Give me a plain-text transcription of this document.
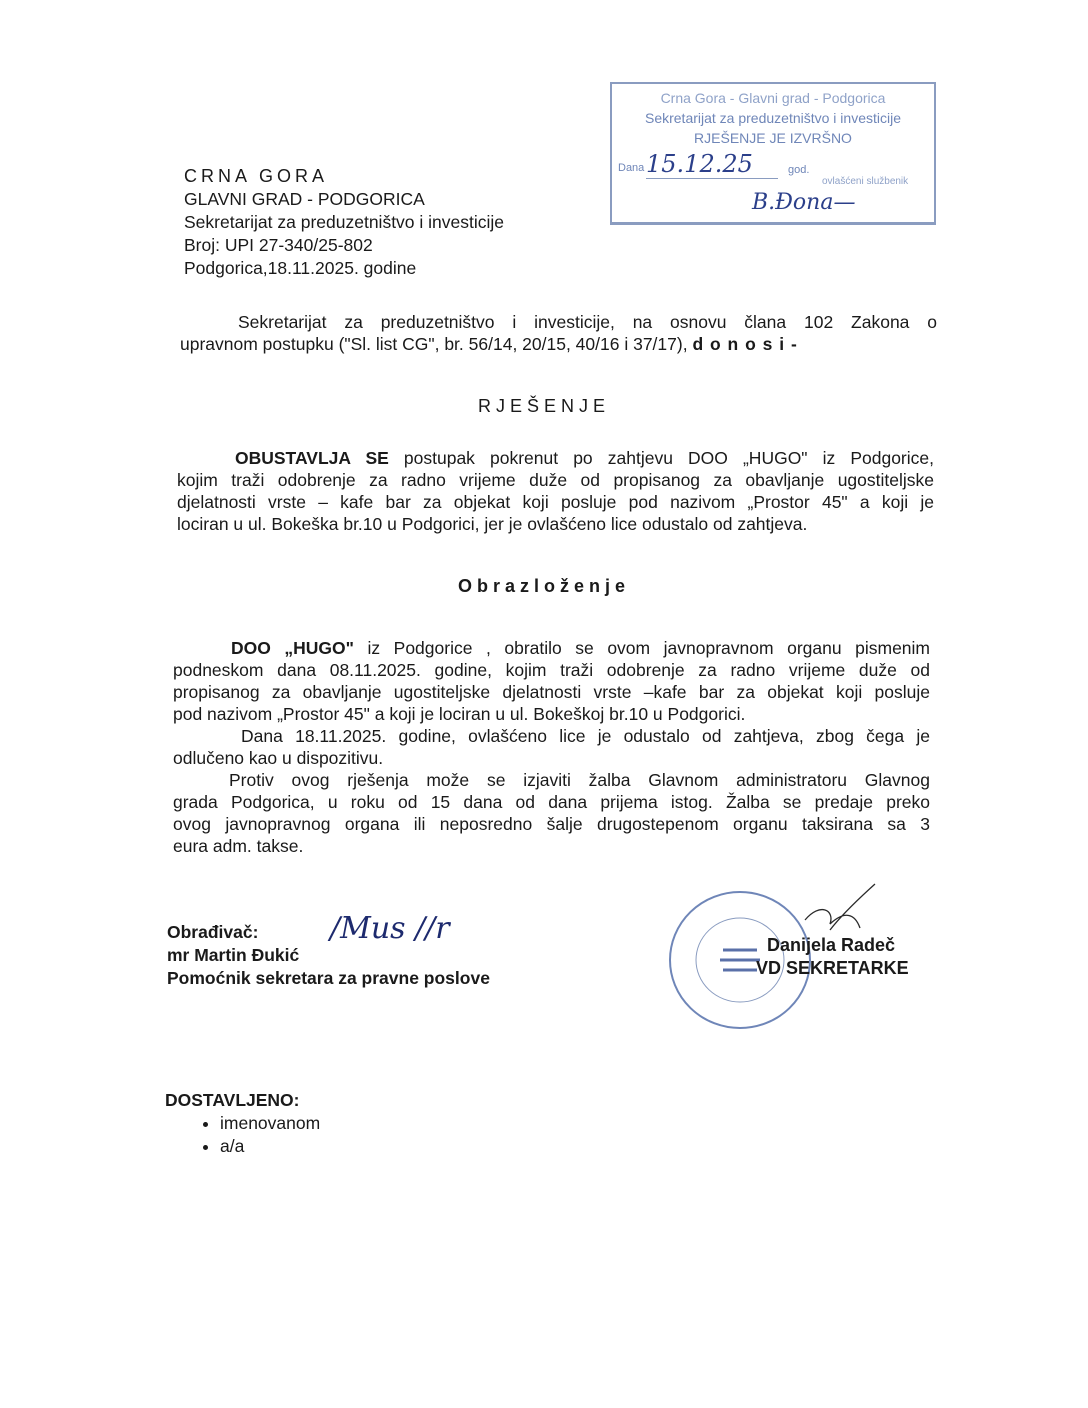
Crna Gora - Glavni grad - Podgorica
Sekretarijat za preduzetništvo i investicije
RJEŠENJE JE IZVRŠNO
Dana 15.12.25	god.
ovlašćeni službenik
B.Đona—
CRNA GORA
GLAVNI GRAD - PODGORICA
Sekretarijat za preduzetništvo i investicije
Broj: UPI 27-340/25-802
Podgorica,18.11.2025. godine
Sekretarijat za preduzetništvo i investicije, na osnovu člana 102 Zakona o
upravnom postupku ("Sl. list CG", br. 56/14, 20/15, 40/16 i 37/17), d o n o s i -
RJEŠENJE
OBUSTAVLJA SE postupak pokrenut po zahtjevu DOO „HUGO" iz Podgorice,
kojim traži odobrenje za radno vrijeme duže od propisanog za obavljanje ugostiteljske
djelatnosti vrste – kafe bar za objekat koji posluje pod nazivom „Prostor 45" a koji je
lociran u ul. Bokeška br.10 u Podgorici, jer je ovlašćeno lice odustalo od zahtjeva.
Obrazloženje
DOO „HUGO" iz Podgorice , obratilo se ovom javnopravnom organu pismenim
podneskom dana 08.11.2025. godine, kojim traži odobrenje za radno vrijeme duže od
propisanog za obavljanje ugostiteljske djelatnosti vrste –kafe bar za objekat koji posluje
pod nazivom „Prostor 45" a koji je lociran u ul. Bokeškoj br.10 u Podgorici.
Dana 18.11.2025. godine, ovlašćeno lice je odustalo od zahtjeva, zbog čega je
odlučeno kao u dispozitivu.
Protiv ovog rješenja može se izjaviti žalba Glavnom administratoru Glavnog
grada Podgorica, u roku od 15 dana od dana prijema istog. Žalba se predaje preko
ovog javnopravnog organa ili neposredno šalje drugostepenom organu taksirana sa 3
eura adm. takse.
Obrađivač:
mr Martin Đukić
Pomoćnik sekretara za pravne poslove
/Mus /∕r	Danijela Radeč
VD SEKRETARKE
DOSTAVLJENO:
• imenovanom
• a/a
